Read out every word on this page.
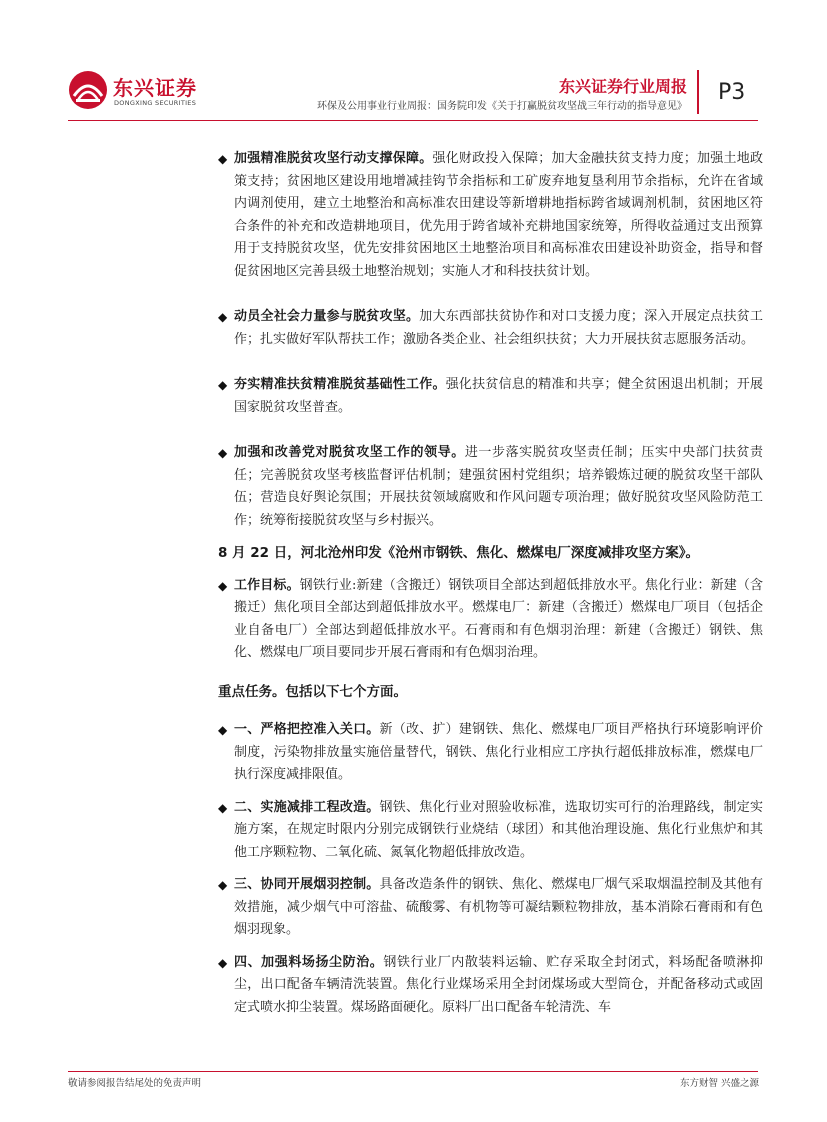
东兴证券
DONGXING SECURITIES
东兴证券行业周报
环保及公用事业行业周报：国务院印发《关于打赢脱贫攻坚战三年行动的指导意见》
P3
◆ 加强精准脱贫攻坚行动支撑保障。强化财政投入保障；加大金融扶贫支持力度；加强土地政策支持；贫困地区建设用地增减挂钩节余指标和工矿废弃地复垦利用节余指标，允许在省域内调剂使用，建立土地整治和高标准农田建设等新增耕地指标跨省域调剂机制，贫困地区符合条件的补充和改造耕地项目，优先用于跨省域补充耕地国家统筹，所得收益通过支出预算用于支持脱贫攻坚，优先安排贫困地区土地整治项目和高标准农田建设补助资金，指导和督促贫困地区完善县级土地整治规划；实施人才和科技扶贫计划。
◆ 动员全社会力量参与脱贫攻坚。加大东西部扶贫协作和对口支援力度；深入开展定点扶贫工作；扎实做好军队帮扶工作；激励各类企业、社会组织扶贫；大力开展扶贫志愿服务活动。
◆ 夯实精准扶贫精准脱贫基础性工作。强化扶贫信息的精准和共享；健全贫困退出机制；开展国家脱贫攻坚普查。
◆ 加强和改善党对脱贫攻坚工作的领导。进一步落实脱贫攻坚责任制；压实中央部门扶贫责任；完善脱贫攻坚考核监督评估机制；建强贫困村党组织；培养锻炼过硬的脱贫攻坚干部队伍；营造良好舆论氛围；开展扶贫领域腐败和作风问题专项治理；做好脱贫攻坚风险防范工作；统筹衔接脱贫攻坚与乡村振兴。
8 月 22 日，河北沧州印发《沧州市钢铁、焦化、燃煤电厂深度减排攻坚方案》。
◆ 工作目标。钢铁行业:新建（含搬迁）钢铁项目全部达到超低排放水平。焦化行业：新建（含搬迁）焦化项目全部达到超低排放水平。燃煤电厂：新建（含搬迁）燃煤电厂项目（包括企业自备电厂）全部达到超低排放水平。石膏雨和有色烟羽治理：新建（含搬迁）钢铁、焦化、燃煤电厂项目要同步开展石膏雨和有色烟羽治理。
重点任务。包括以下七个方面。
◆ 一、严格把控准入关口。新（改、扩）建钢铁、焦化、燃煤电厂项目严格执行环境影响评价制度，污染物排放量实施倍量替代，钢铁、焦化行业相应工序执行超低排放标准，燃煤电厂执行深度减排限值。
◆ 二、实施减排工程改造。钢铁、焦化行业对照验收标准，选取切实可行的治理路线，制定实施方案，在规定时限内分别完成钢铁行业烧结（球团）和其他治理设施、焦化行业焦炉和其他工序颗粒物、二氧化硫、氮氧化物超低排放改造。
◆ 三、协同开展烟羽控制。具备改造条件的钢铁、焦化、燃煤电厂烟气采取烟温控制及其他有效措施，减少烟气中可溶盐、硫酸雾、有机物等可凝结颗粒物排放，基本消除石膏雨和有色烟羽现象。
◆ 四、加强料场扬尘防治。钢铁行业厂内散装料运输、贮存采取全封闭式，料场配备喷淋抑尘，出口配备车辆清洗装置。焦化行业煤场采用全封闭煤场或大型筒仓，并配备移动式或固定式喷水抑尘装置。煤场路面硬化。原料厂出口配备车轮清洗、车
敬请参阅报告结尾处的免责声明	东方财智 兴盛之源
